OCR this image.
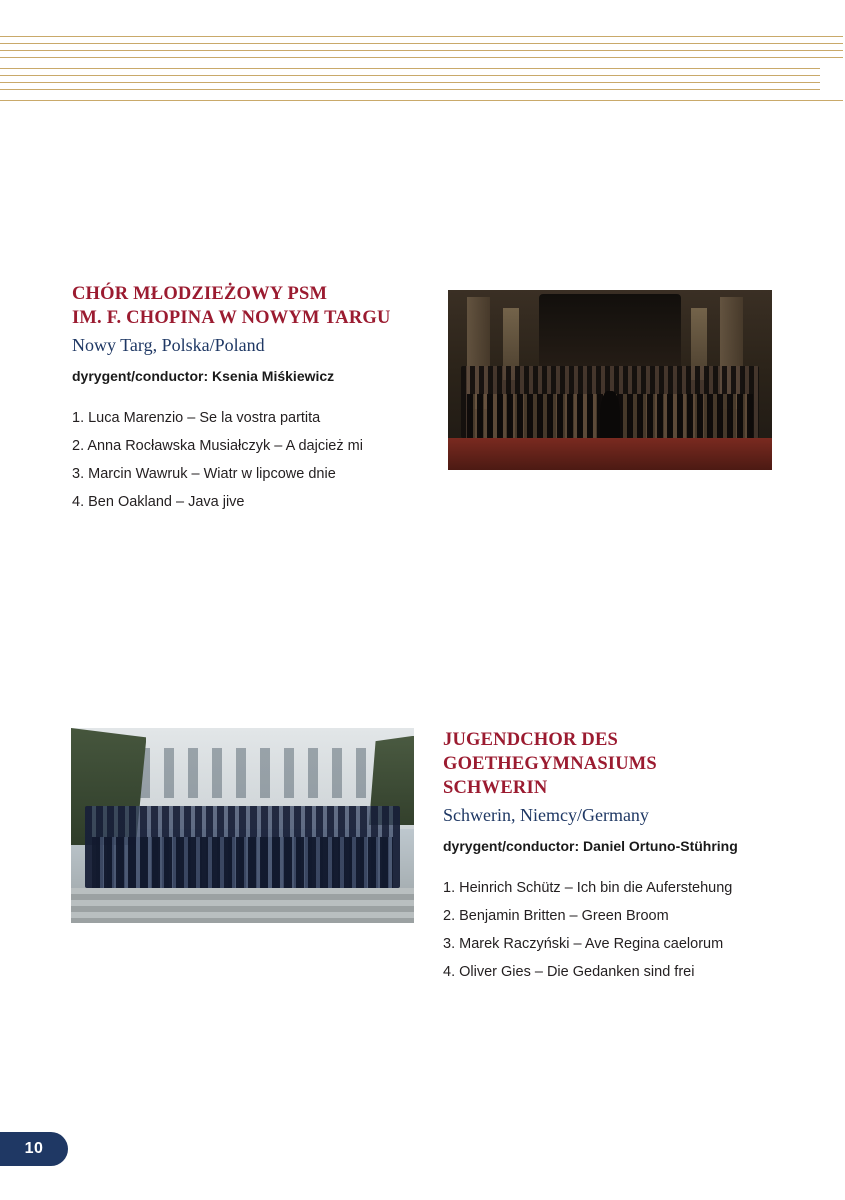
CHÓR MŁODZIEŻOWY PSM
IM. F. CHOPINA W NOWYM TARGU
Nowy Targ, Polska/Poland
dyrygent/conductor: Ksenia Miśkiewicz
1. Luca Marenzio – Se la vostra partita
2. Anna Rocławska Musiałczyk – A dajcież mi
3. Marcin Wawruk – Wiatr w lipcowe dnie
4. Ben Oakland – Java jive
JUGENDCHOR DES
GOETHEGYMNASIUMS
SCHWERIN
Schwerin, Niemcy/Germany
dyrygent/conductor: Daniel Ortuno-Stühring
1. Heinrich Schütz – Ich bin die Auferstehung
2. Benjamin Britten – Green Broom
3. Marek Raczyński – Ave Regina caelorum
4. Oliver Gies – Die Gedanken sind frei
10
